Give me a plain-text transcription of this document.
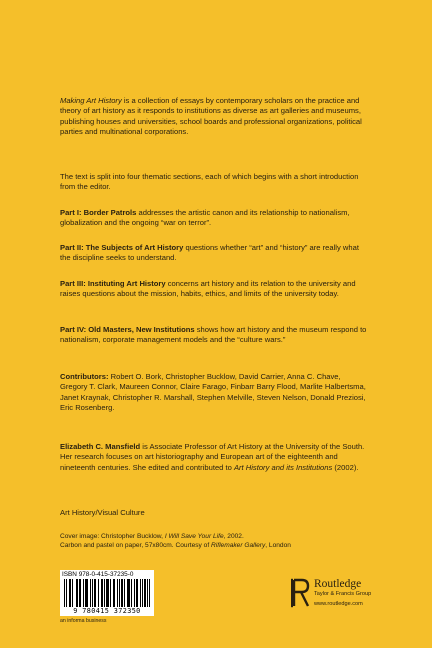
Making Art History is a collection of essays by contemporary scholars on the practice and theory of art history as it responds to institutions as diverse as art galleries and museums, publishing houses and universities, school boards and professional organizations, political parties and multinational corporations.

The text is split into four thematic sections, each of which begins with a short introduction from the editor.

Part I: Border Patrols addresses the artistic canon and its relationship to nationalism, globalization and the ongoing “war on terror”.

Part II: The Subjects of Art History questions whether “art” and “history” are really what the discipline seeks to understand.

Part III: Instituting Art History concerns art history and its relation to the university and raises questions about the mission, habits, ethics, and limits of the university today.

Part IV: Old Masters, New Institutions shows how art history and the museum respond to nationalism, corporate management models and the “culture wars.”

Contributors: Robert O. Bork, Christopher Bucklow, David Carrier, Anna C. Chave, Gregory T. Clark, Maureen Connor, Claire Farago, Finbarr Barry Flood, Marlite Halbertsma, Janet Kraynak, Christopher R. Marshall, Stephen Melville, Steven Nelson, Donald Preziosi, Eric Rosenberg.

Elizabeth C. Mansfield is Associate Professor of Art History at the University of the South. Her research focuses on art historiography and European art of the eighteenth and nineteenth centuries. She edited and contributed to Art History and its Institutions (2002).

Art History/Visual Culture

Cover image: Christopher Bucklow, I Will Save Your Life, 2002.
Carbon and pastel on paper, 57x80cm. Courtesy of Riflemaker Gallery, London

ISBN 978-0-415-37235-0
9 780415 372350
an informa business
Routledge
Taylor & Francis Group
www.routledge.com
